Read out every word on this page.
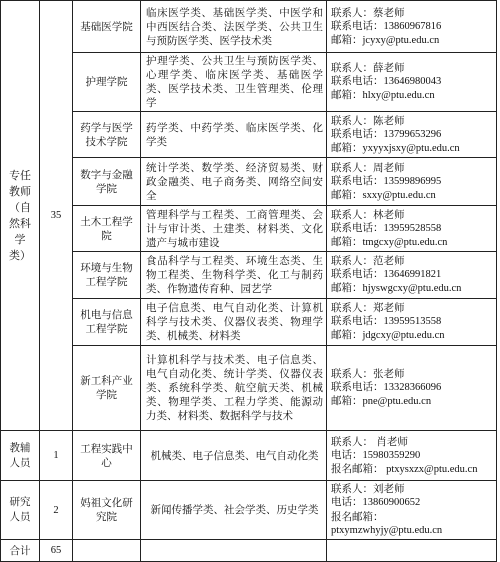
专任教师（自然科学类）	35	基础医学院	临床医学类、基础医学类、中医学和中西医结合类、法医学类、公共卫生与预防医学类、医学技术类	联系人：蔡老师
联系电话：13860967816
邮箱：jcyxy@ptu.edu.cn

		护理学院	护理学类、公共卫生与预防医学类、心理学类、临床医学类、基础医学类、医学技术类、卫生管理类、伦理学	联系人：薛老师
联系电话：13646980043
邮箱：hlxy@ptu.edu.cn

		药学与医学技术学院	药学类、中药学类、临床医学类、化学类	联系人：陈老师
联系电话：13799653296
邮箱：yxyyxjsxy@ptu.edu.cn

		数字与金融学院	统计学类、数学类、经济贸易类、财政金融类、电子商务类、网络空间安全	联系人：周老师
联系电话：13599896995
邮箱：sxxy@ptu.edu.cn

		土木工程学院	管理科学与工程类、工商管理类、会计与审计类、土建类、材料类、文化遗产与城市建设	联系人：林老师
联系电话：13959528558
邮箱：tmgcxy@ptu.edu.cn

		环境与生物工程学院	食品科学与工程类、环境生态类、生物工程类、生物科学类、化工与制药类、作物遗传育种、园艺学	联系人：范老师
联系电话：13646991821
邮箱：hjyswgcxy@ptu.edu.cn

		机电与信息工程学院	电子信息类、电气自动化类、计算机科学与技术类、仪器仪表类、物理学类、机械类、材料类	联系人：郑老师
联系电话：13959513558
邮箱：jdgcxy@ptu.edu.cn

		新工科产业学院	计算机科学与技术类、电子信息类、电气自动化类、统计学类、仪器仪表类、系统科学类、航空航天类、机械类、物理学类、工程力学类、能源动力类、材料类、数据科学与技术	联系人：张老师
联系电话：13328366096
邮箱：pne@ptu.edu.cn

教辅人员	1	工程实践中心	机械类、电子信息类、电气自动化类	联系人： 肖老师
电话：15980359290
报名邮箱： ptxysxzx@ptu.edu.cn

研究人员	2	妈祖文化研究院	新闻传播学类、社会学类、历史学类	联系人：刘老师
电话：13860900652
报名邮箱：
ptxymzwhyjy@ptu.edu.cn

合计	65			
